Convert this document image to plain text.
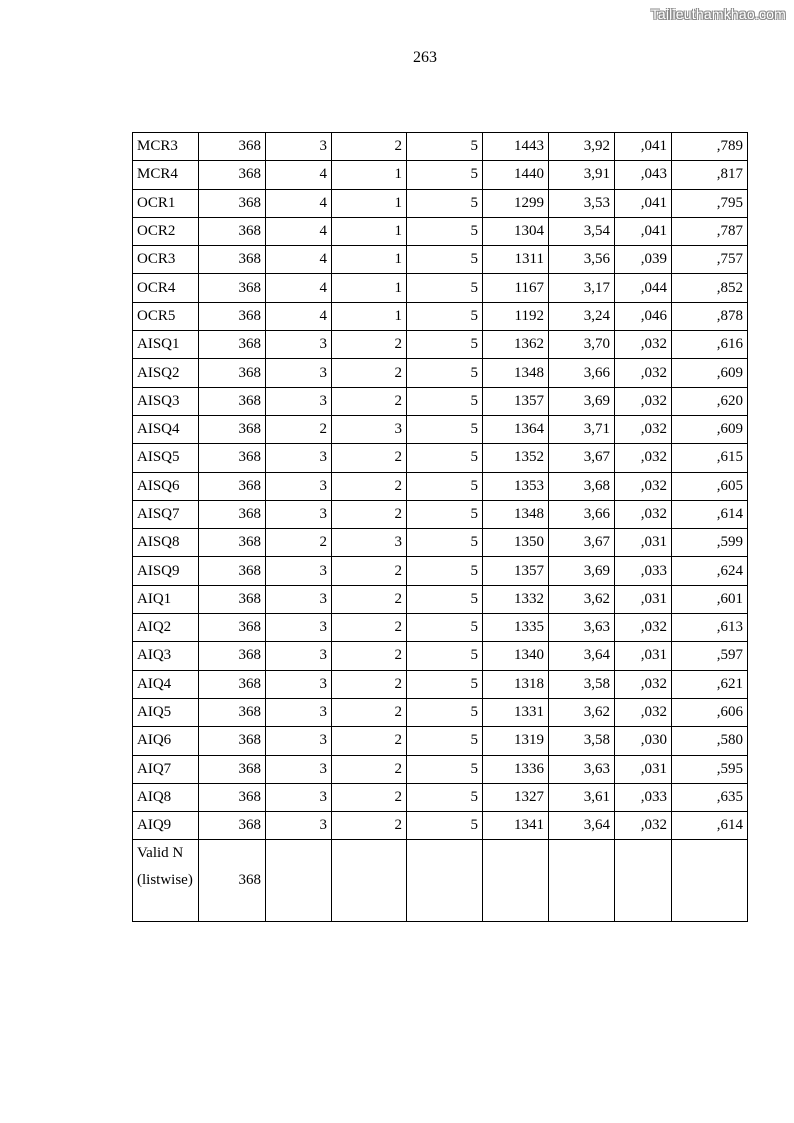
Tailieuthamkhao.com
263
MCR3	368	3	2	5	1443	3,92	,041	,789
MCR4	368	4	1	5	1440	3,91	,043	,817
OCR1	368	4	1	5	1299	3,53	,041	,795
OCR2	368	4	1	5	1304	3,54	,041	,787
OCR3	368	4	1	5	1311	3,56	,039	,757
OCR4	368	4	1	5	1167	3,17	,044	,852
OCR5	368	4	1	5	1192	3,24	,046	,878
AISQ1	368	3	2	5	1362	3,70	,032	,616
AISQ2	368	3	2	5	1348	3,66	,032	,609
AISQ3	368	3	2	5	1357	3,69	,032	,620
AISQ4	368	2	3	5	1364	3,71	,032	,609
AISQ5	368	3	2	5	1352	3,67	,032	,615
AISQ6	368	3	2	5	1353	3,68	,032	,605
AISQ7	368	3	2	5	1348	3,66	,032	,614
AISQ8	368	2	3	5	1350	3,67	,031	,599
AISQ9	368	3	2	5	1357	3,69	,033	,624
AIQ1	368	3	2	5	1332	3,62	,031	,601
AIQ2	368	3	2	5	1335	3,63	,032	,613
AIQ3	368	3	2	5	1340	3,64	,031	,597
AIQ4	368	3	2	5	1318	3,58	,032	,621
AIQ5	368	3	2	5	1331	3,62	,032	,606
AIQ6	368	3	2	5	1319	3,58	,030	,580
AIQ7	368	3	2	5	1336	3,63	,031	,595
AIQ8	368	3	2	5	1327	3,61	,033	,635
AIQ9	368	3	2	5	1341	3,64	,032	,614
Valid N (listwise)	368							
